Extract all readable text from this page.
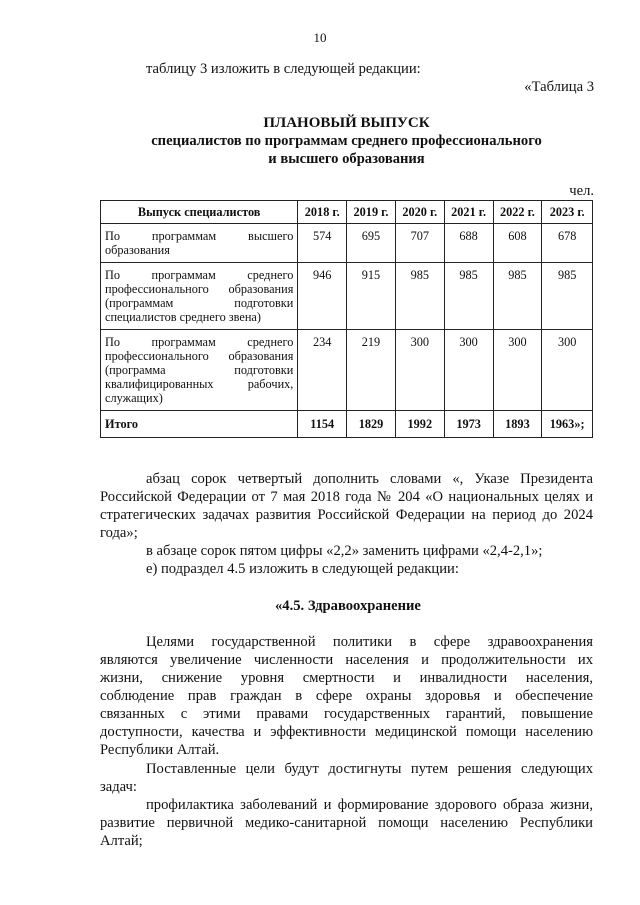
10
таблицу 3 изложить в следующей редакции:
«Таблица 3
ПЛАНОВЫЙ ВЫПУСК
специалистов по программам среднего профессионального
и высшего образования
чел.
Выпуск специалистов	2018 г.	2019 г.	2020 г.	2021 г.	2022 г.	2023 г.
По программам высшего образования	574	695	707	688	608	678
По программам среднего профессионального образования (программам подготовки специалистов среднего звена)	946	915	985	985	985	985
По программам среднего профессионального образования (программа подготовки квалифицированных рабочих, служащих)	234	219	300	300	300	300
Итого	1154	1829	1992	1973	1893	1963»;
абзац сорок четвертый дополнить словами «, Указе Президента
Российской Федерации от 7 мая 2018 года № 204 «О национальных целях и
стратегических задачах развития Российской Федерации на период до 2024
года»;
в абзаце сорок пятом цифры «2,2» заменить цифрами «2,4-2,1»;
е) подраздел 4.5 изложить в следующей редакции:
«4.5. Здравоохранение
Целями государственной политики в сфере здравоохранения
являются увеличение численности населения и продолжительности их
жизни, снижение уровня смертности и инвалидности населения,
соблюдение прав граждан в сфере охраны здоровья и обеспечение
связанных с этими правами государственных гарантий, повышение
доступности, качества и эффективности медицинской помощи населению
Республики Алтай.
Поставленные цели будут достигнуты путем решения следующих
задач:
профилактика заболеваний и формирование здорового образа жизни,
развитие первичной медико-санитарной помощи населению Республики
Алтай;
